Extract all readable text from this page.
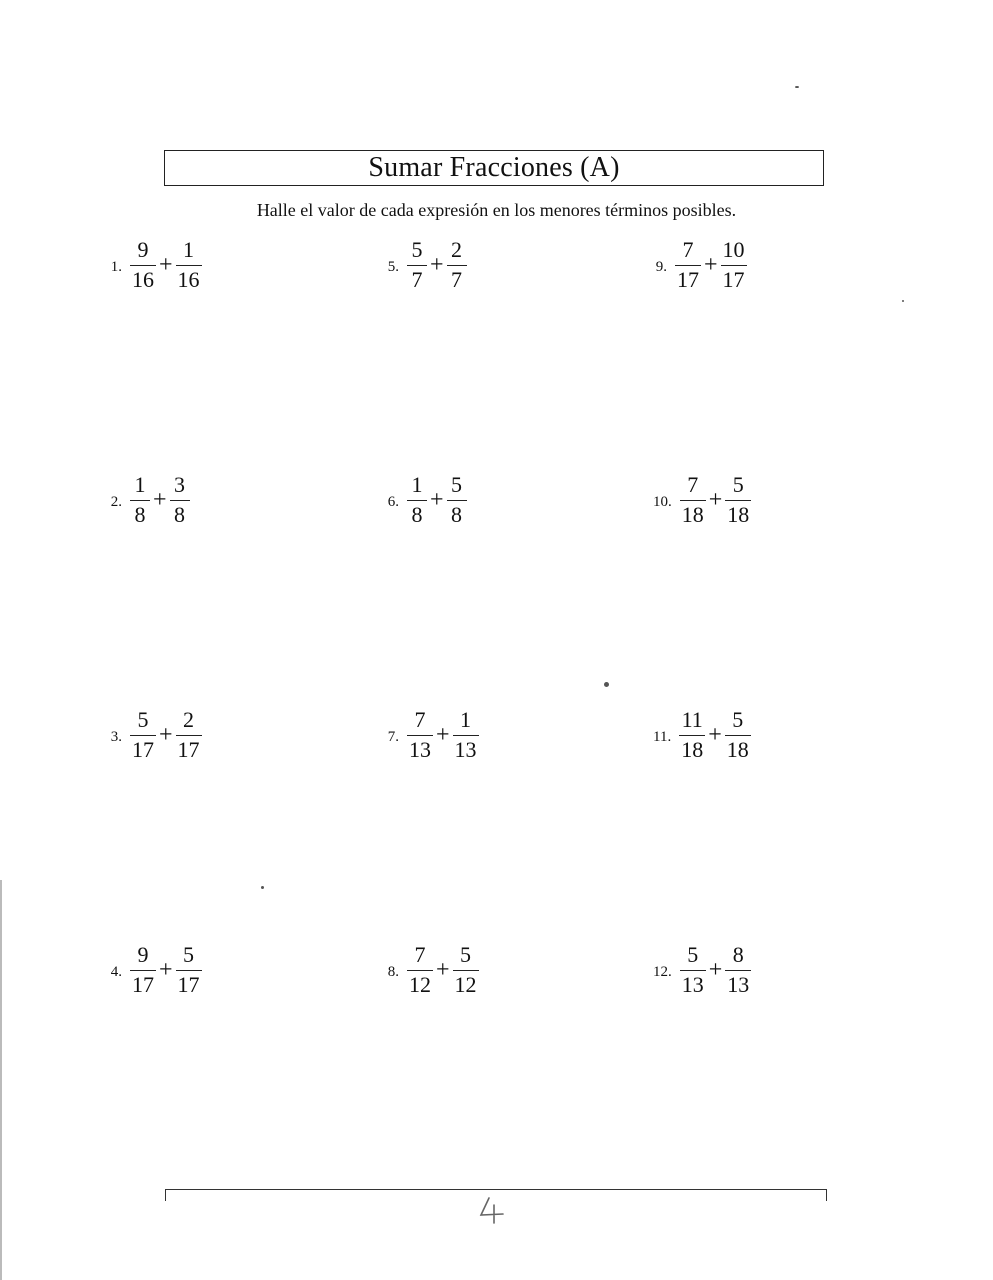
Sumar Fracciones (A)
Halle el valor de cada expresión en los menores términos posibles.
1. $\frac{9}{16} + \frac{1}{16}$
2. $\frac{1}{8} + \frac{3}{8}$
3. $\frac{5}{17} + \frac{2}{17}$
4. $\frac{9}{17} + \frac{5}{17}$
5. $\frac{5}{7} + \frac{2}{7}$
6. $\frac{1}{8} + \frac{5}{8}$
7. $\frac{7}{13} + \frac{1}{13}$
8. $\frac{7}{12} + \frac{5}{12}$
9. $\frac{7}{17} + \frac{10}{17}$
10. $\frac{7}{18} + \frac{5}{18}$
11. $\frac{11}{18} + \frac{5}{18}$
12. $\frac{5}{13} + \frac{8}{13}$
